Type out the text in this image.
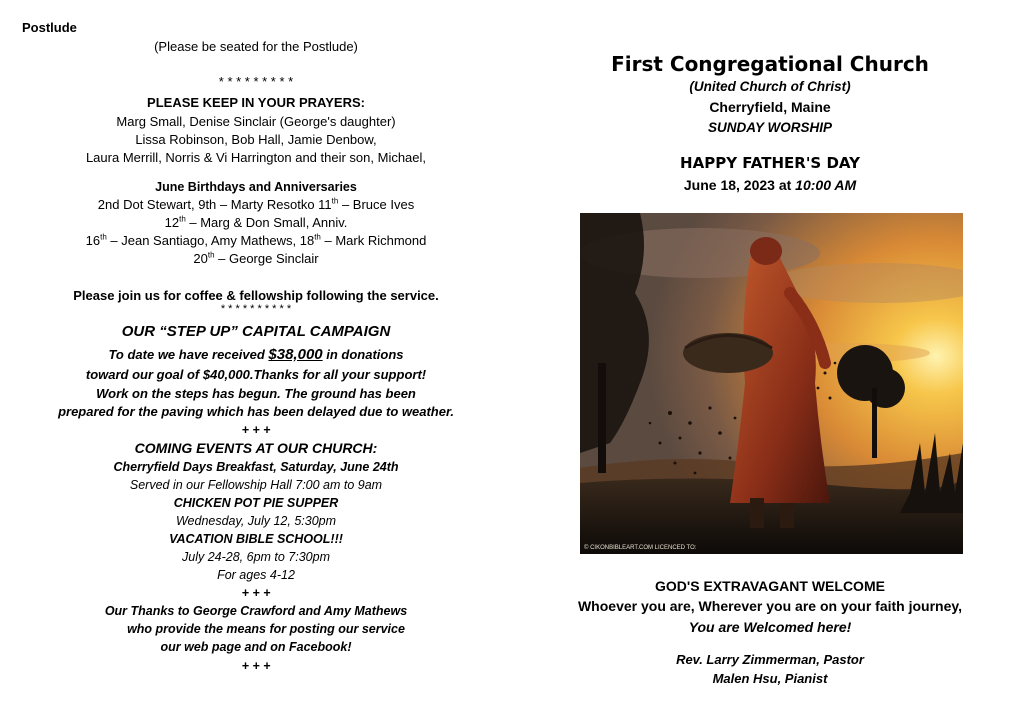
Postlude
(Please be seated for the Postlude)
* * * * * * * * *
PLEASE KEEP IN YOUR PRAYERS:
Marg Small, Denise Sinclair (George's daughter)
Lissa Robinson, Bob Hall, Jamie Denbow,
Laura Merrill, Norris & Vi Harrington and their son, Michael,
June Birthdays and Anniversaries
2nd Dot Stewart, 9th – Marty Resotko 11th – Bruce Ives
12th – Marg & Don Small, Anniv.
16th – Jean Santiago, Amy Mathews, 18th – Mark Richmond
20th – George Sinclair
Please join us for coffee & fellowship following the service.
* * * * * * * * * *
OUR “STEP UP” CAPITAL CAMPAIGN
To date we have received $38,000 in donations
toward our goal of $40,000.Thanks for all your support!
Work on the steps has begun. The ground has been
prepared for the paving which has been delayed due to weather.
+ + +
COMING EVENTS AT OUR CHURCH:
Cherryfield Days Breakfast, Saturday, June 24th
Served in our Fellowship Hall 7:00 am to 9am
CHICKEN POT PIE SUPPER
Wednesday, July 12, 5:30pm
VACATION BIBLE SCHOOL!!!
July 24-28, 6pm to 7:30pm
For ages 4-12
+ + +
Our Thanks to George Crawford and Amy Mathews
who provide the means for posting our service
our web page and on Facebook!
+ + +
First Congregational Church
(United Church of Christ)
Cherryfield, Maine
SUNDAY WORSHIP
HAPPY FATHER'S DAY
June 18, 2023 at 10:00 AM
© CIKONBIBLEART.COM LICENCED TO:
GOD'S EXTRAVAGANT WELCOME
Whoever you are, Wherever you are on your faith journey,
You are Welcomed here!
Rev. Larry Zimmerman, Pastor
Malen Hsu, Pianist
